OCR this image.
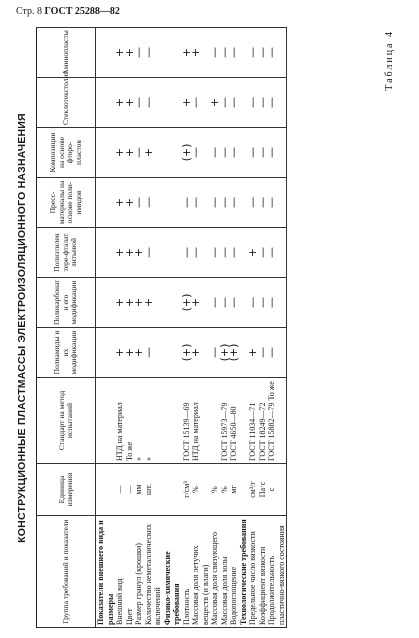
Стр. 8 ГОСТ 25288—82
КОНСТРУКЦИОННЫЕ ПЛАСТМАССЫ ЭЛЕКТРОИЗОЛЯЦИОННОГО НАЗНАЧЕНИЯ
Группа требований и показатели	Единица измерения	Стандарт на метод испытаний	Полиамиды и их модификации	Поликарбонат и его модификации	Полиэтилен тере-фталат литьевой	Пресс-материалы на основе поли-имидов	Композиции на основе фторо-пластов	Стеклотекстолит	Аминопласты
Показатели внешнего вида и размеры									
Внешний вид	—	НТД на материал	+	+	+	+	+	+	+
Цвет	—	То же	+	+	+	+	+	+	+
Размер гранул (крошки)	мм	»	+	+	+	—	—	—	—
Количество неметаллических включений	шт.	»	—	+	—	—	+	—	—
Физико-химические требования									
Плотность	г/см³	ГОСТ 15139—69	(+)	(+)	—	—	(+)	+	+
Массовая доля летучих веществ (и влаги)	%	НТД на материал	+	+	—	—	—	—	+
Массовая доля связующего	%		—	—	—	—	—	+	—
Массовая доля золы	%	ГОСТ 15973—79	(+)	—	—	—	—	—	—
Водопоглощение	мг	ГОСТ 4650—80	(+)	—	—	—	—	—	—
Технологические требования									
Предельное число вязкости	см³/г	ГОСТ 11034—71	+	—	+	—	—	—	—
Коэффициент вязкости	Па·с	ГОСТ 18249—72	—	—	—	—	—	—	—
Продолжительность пластично-вязкого состояния	с	ГОСТ 15882—79 То же	—	—	—	—	—	—	—	Таблица 4
